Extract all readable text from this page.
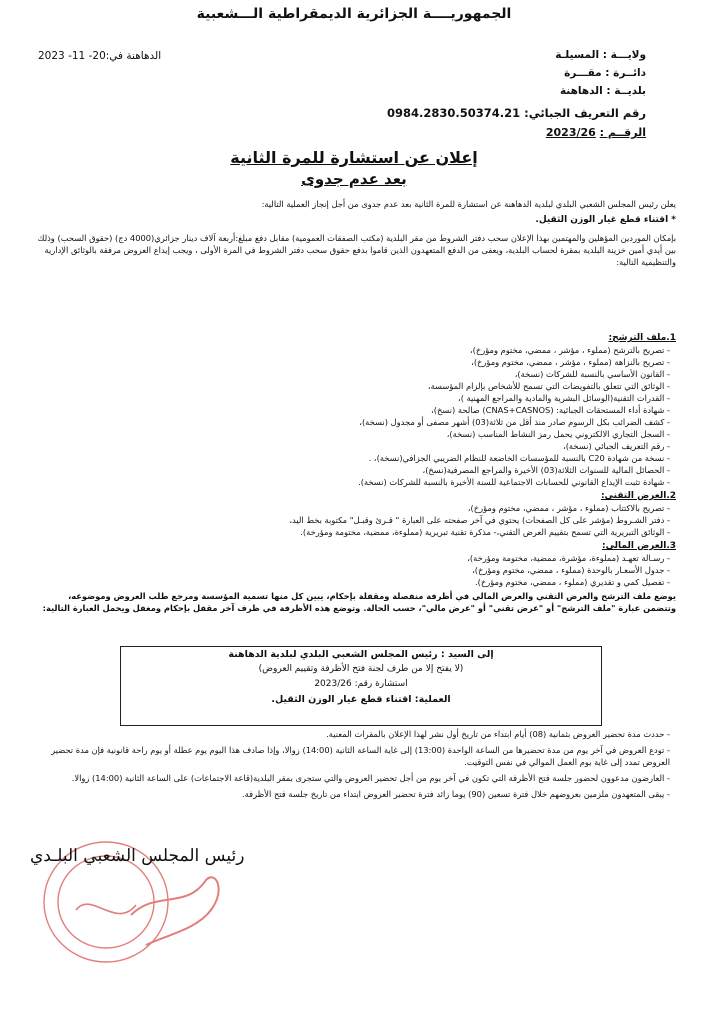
الجمهوريــــة الجزائرية الديمقراطية الـــشعبية
ولايـــة : المسيلـة
دائــرة : مقـــرة
بلديــة : الدهاهنة
الدهاهنة في:20- 11- 2023
رقم التعريف الجبائي: 0984.2830.50374.21
الرقــم : 2023/26
إعلان عن استشارة للمرة الثانية
بعد عدم جدوى
يعلن رئيس المجلس الشعبي البلدي لبلدية الدهاهنة عن استشارة للمرة الثانية بعد عدم جدوى من أجل إنجاز العملية التالية:
* اقتناء قطع غيار الوزن الثقيل.
بإمكان الموردين المؤهلين والمهتمين بهذا الإعلان سحب دفتر الشروط من مقر البلدية (مكتب الصفقات العمومية) مقابل دفع مبلغ:أربعة آلاف دينار جزائري(4000 دج) (حقوق السحب) وذلك بين أيدي أمين خزينة البلدية بمقرة لحساب البلدية، ويعفى من الدفع المتعهدون الذين قاموا بدفع حقوق سحب دفتر الشروط في المرة الأولى ، ويجب إيداع العروض مرفقة بالوثائق الإدارية والتنظيمية التالية:
1.ملف الترشح:
- تصريح بالترشح (مملوء ، مؤشر ، ممضي، مختوم ومؤرخ)،
- تصريح بالنزاهة (مملوء ، مؤشر ، ممضي، مختوم ومؤرخ)،
- القانون الأساسي بالنسبة للشركات (نسخة)،
- الوثائق التي تتعلق بالتفويضات التي تسمح للأشخاص بإلزام المؤسسة،
- القدرات التقنية(الوسائل البشرية والمادية والمراجع المهنية )،
- شهادة أداء المستحقات الجبائية: (CNAS+CASNOS) صالحة (نسخ)،
- كشف الضرائب بكل الرسوم صادر منذ أقل من ثلاثة(03) أشهر مصفى أو مجدول (نسخة)،
- السجل التجاري الالكتروني يحمل رمز النشاط المناسب (نسخة)،
- رقم التعريف الجبائي (نسخة)،
- نسخة من شهادة C20 بالنسبة للمؤسسات الخاضعة للنظام الضريبي الجزافي(نسخة)، .
- الحصائل المالية للسنوات الثلاثة(03) الأخيرة والمراجع المصرفية(نسخ)،
- شهادة تثبت الإيداع القانوني للحسابات الاجتماعية للسنة الأخيرة بالنسبة للشركات (نسخة).
2.العرض التقني:
- تصريح بالاكتتاب (مملوء ، مؤشر ، ممضي، مختوم ومؤرخ)،
- دفتر الشـروط (مؤشر على كل الصفحات) يحتوي في آخر صفحته على العبارة " قـرئ وقبـل" مكتوبة بخط اليد،
- الوثائق التبريرية التي تسمح بتقييم العرض التقني،- مذكرة تقنية تبريرية (مملوءة، ممضية، مختومة ومؤرخة).
3.العرض المالي:
- رسـالة تعهـد (مملوءة، مؤشرة، ممضية، مختومة ومؤرخة)،
- جدول الأسعـار بالوحدة (مملوء ، ممضي، مختوم ومؤرخ)،
- تفصيل كمي و تقديري (مملوء ، ممضي، مختوم ومؤرخ).
يوضع ملف الترشح والعرض التقني والعرض المالي في أظرفة منفصلة ومقفلة بإحكام، يبين كل منها تسمية المؤسسة ومرجع طلب العروض وموضوعه، وتتضمن عبارة "ملف الترشح" أو "عرض تقني" أو "عرض مالي"، حسب الحالة. وتوضع هذه الأظرفة في ظرف آخر مقفل بإحكام ومغفل ويحمل العبارة التالية:
إلى السيد : رئيس المجلس الشعبي البلدي لبلدية الدهاهنة
(لا يفتح إلا من طرف لجنة فتح الأظرفة وتقييم العروض)
استشارة رقم: 2023/26
العملية: اقتناء قطع غيار الوزن الثقيل.
- حددت مدة تحضير العروض بثمانية (08) أيام ابتداء من تاريخ أول نشر لهذا الإعلان بالمقرات المعنية.
- تودع العروض في آخر يوم من مدة تحضيرها من الساعة الواحدة (13:00) إلى غاية الساعة الثانية (14:00) زوالا، وإذا صادف هذا اليوم يوم عطلة أو يوم راحة قانونية فإن مدة تحضير العروض تمدد إلى غاية يوم العمل الموالي في نفس التوقيت.
- العارضون مدعوون لحضور جلسة فتح الأظرفة التي تكون في آخر يوم من أجل تحضير العروض والتي ستجرى بمقر البلدية(قاعة الاجتماعات) على الساعة الثانية (14:00) زوالا.
- يبقى المتعهدون ملزمين بعروضهم خلال فترة تسعين (90) يوما زائد فترة تحضير العروض ابتداء من تاريخ جلسة فتح الأظرفة.
رئيس المجلس الشعبي البلـدي
